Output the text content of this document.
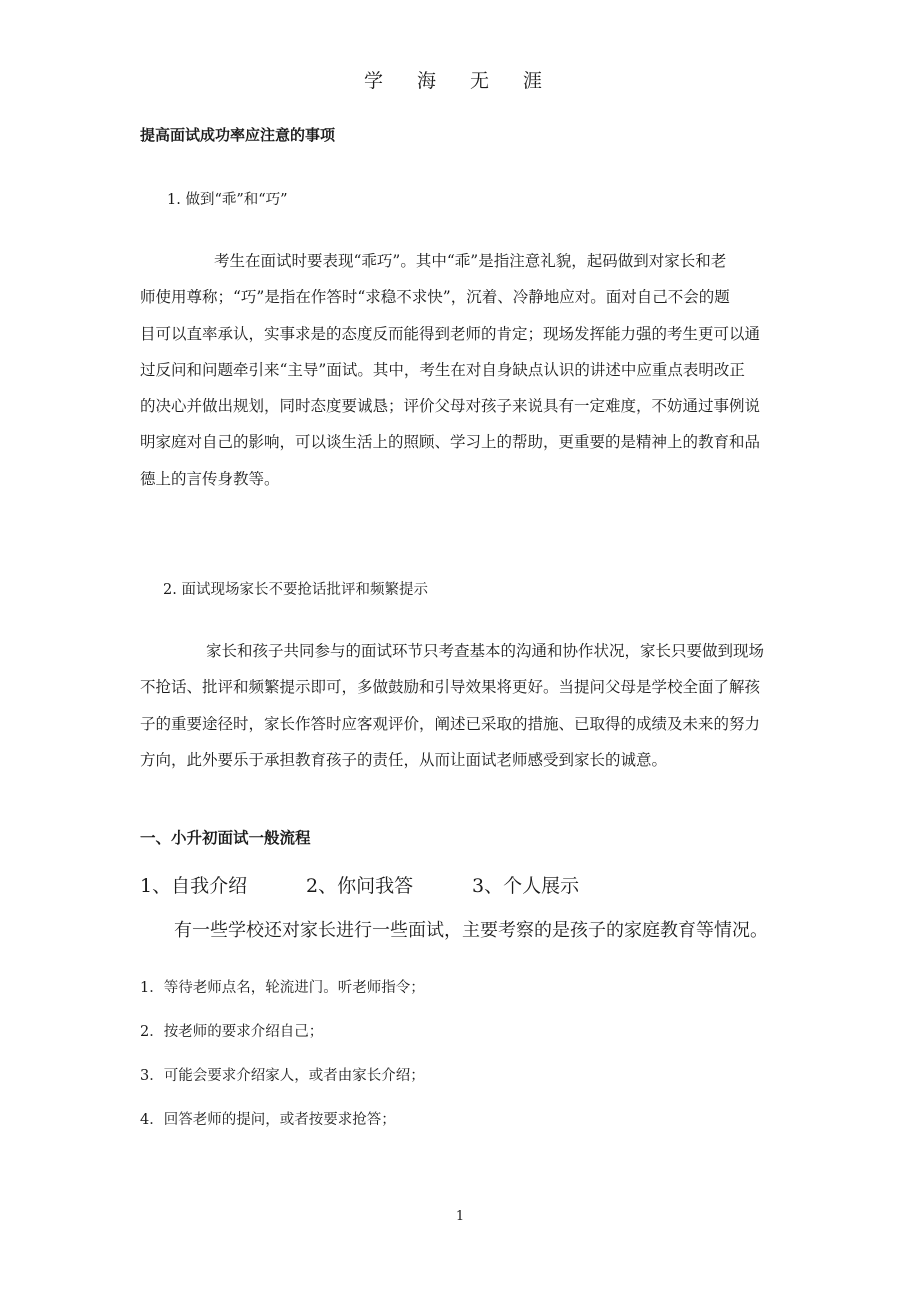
学 海 无 涯
提高面试成功率应注意的事项
1. 做到“乖”和“巧”
考生在面试时要表现“乖巧”。其中“乖”是指注意礼貌，起码做到对家长和老
师使用尊称；“巧”是指在作答时“求稳不求快”，沉着、冷静地应对。面对自己不会的题
目可以直率承认，实事求是的态度反而能得到老师的肯定；现场发挥能力强的考生更可以通
过反问和问题牵引来“主导”面试。其中，考生在对自身缺点认识的讲述中应重点表明改正
的决心并做出规划，同时态度要诚恳；评价父母对孩子来说具有一定难度，不妨通过事例说
明家庭对自己的影响，可以谈生活上的照顾、学习上的帮助，更重要的是精神上的教育和品
德上的言传身教等。
2. 面试现场家长不要抢话批评和频繁提示
家长和孩子共同参与的面试环节只考查基本的沟通和协作状况，家长只要做到现场
不抢话、批评和频繁提示即可，多做鼓励和引导效果将更好。当提问父母是学校全面了解孩
子的重要途径时，家长作答时应客观评价，阐述已采取的措施、已取得的成绩及未来的努力
方向，此外要乐于承担教育孩子的责任，从而让面试老师感受到家长的诚意。
一、小升初面试一般流程
1、自我介绍	2、你问我答	3、个人展示
有一些学校还对家长进行一些面试，主要考察的是孩子的家庭教育等情况。
1．等待老师点名，轮流进门。听老师指令；
2．按老师的要求介绍自己；
3．可能会要求介绍家人，或者由家长介绍；
4．回答老师的提问，或者按要求抢答；
1
